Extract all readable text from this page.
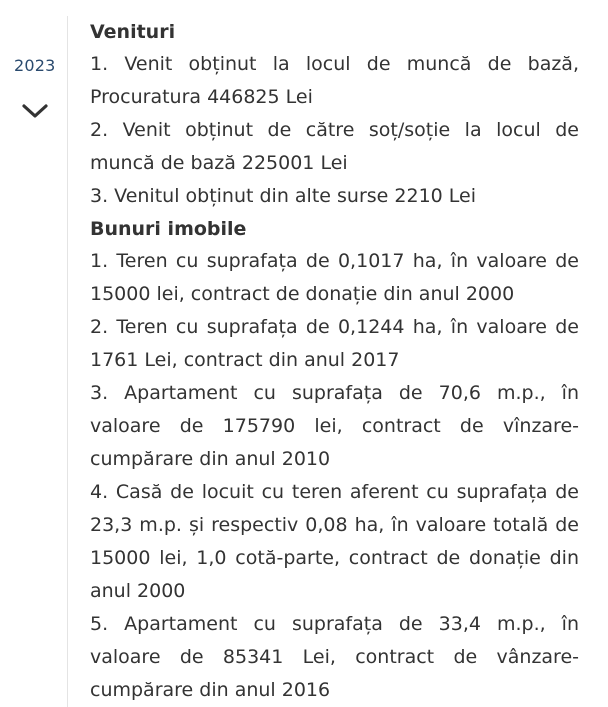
2023

Venituri

1. Venit obținut la locul de muncă de bază, Procuratura 446825 Lei

2. Venit obținut de către soț/soție la locul de muncă de bază 225001 Lei

3. Venitul obținut din alte surse 2210 Lei

Bunuri imobile

1. Teren cu suprafața de 0,1017 ha, în valoare de 15000 lei, contract de donație din anul 2000

2. Teren cu suprafața de 0,1244 ha, în valoare de 1761 Lei, contract din anul 2017

3. Apartament cu suprafața de 70,6 m.p., în valoare de 175790 lei, contract de vînzare-cumpărare din anul 2010

4. Casă de locuit cu teren aferent cu suprafața de 23,3 m.p. și respectiv 0,08 ha, în valoare totală de 15000 lei, 1,0 cotă-parte, contract de donație din anul 2000

5. Apartament cu suprafața de 33,4 m.p., în valoare de 85341 Lei, contract de vânzare-cumpărare din anul 2016
